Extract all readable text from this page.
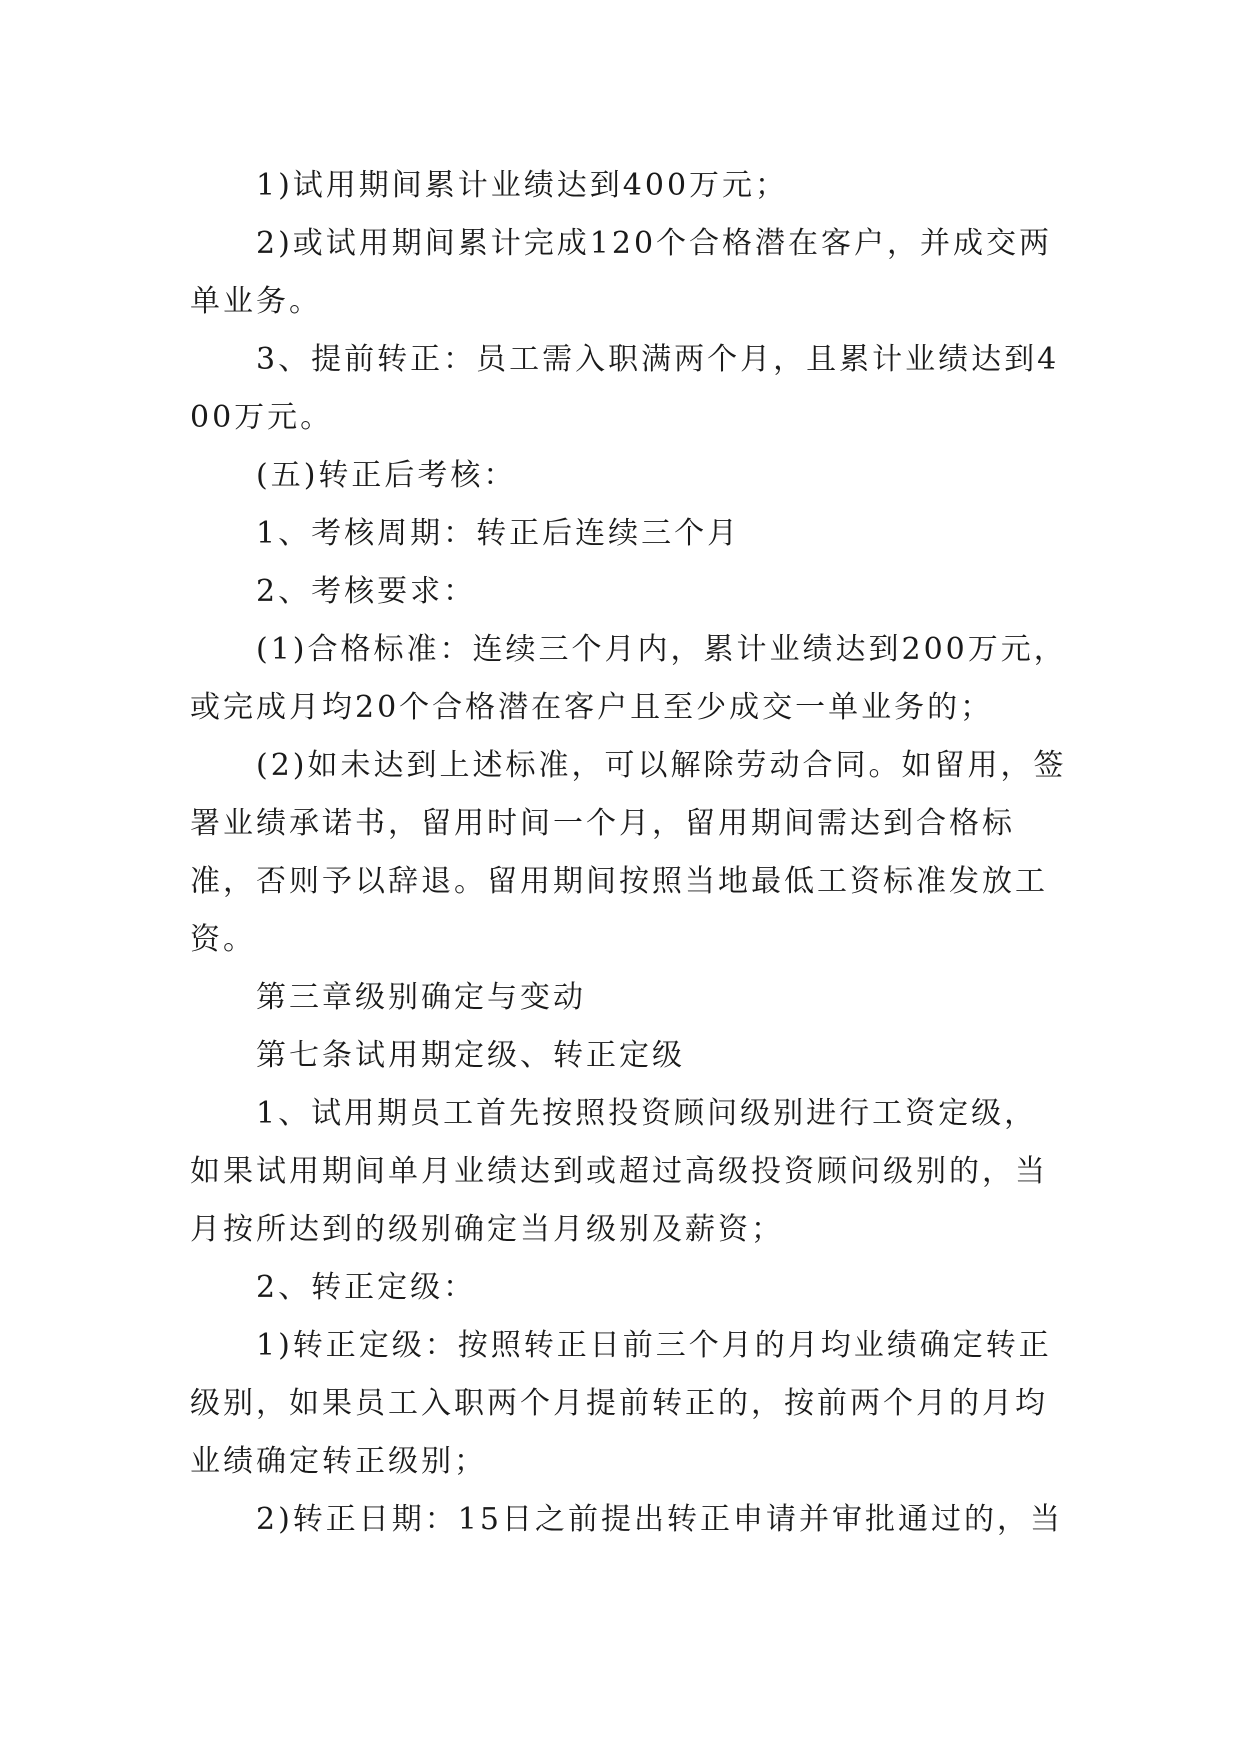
1)试用期间累计业绩达到400万元；

2)或试用期间累计完成120个合格潜在客户，并成交两单业务。

3、提前转正：员工需入职满两个月，且累计业绩达到400万元。

(五)转正后考核：

1、考核周期：转正后连续三个月

2、考核要求：

(1)合格标准：连续三个月内，累计业绩达到200万元，或完成月均20个合格潜在客户且至少成交一单业务的；

(2)如未达到上述标准，可以解除劳动合同。如留用，签署业绩承诺书，留用时间一个月，留用期间需达到合格标准，否则予以辞退。留用期间按照当地最低工资标准发放工资。

第三章级别确定与变动

第七条试用期定级、转正定级

1、试用期员工首先按照投资顾问级别进行工资定级，如果试用期间单月业绩达到或超过高级投资顾问级别的，当月按所达到的级别确定当月级别及薪资；

2、转正定级：

1)转正定级：按照转正日前三个月的月均业绩确定转正级别，如果员工入职两个月提前转正的，按前两个月的月均业绩确定转正级别；

2)转正日期：15日之前提出转正申请并审批通过的，当
